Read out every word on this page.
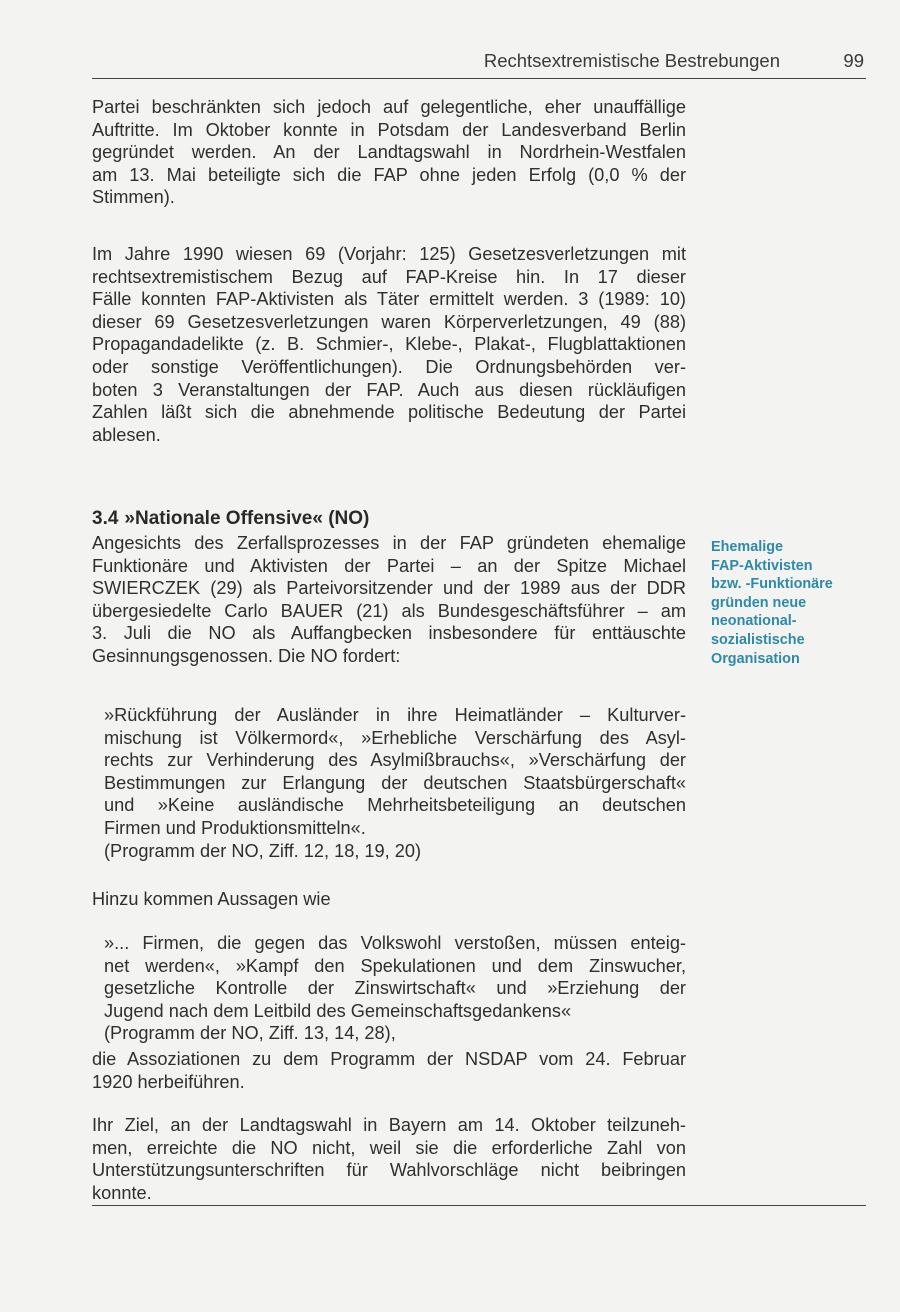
Rechtsextremistische Bestrebungen	99
Partei beschränkten sich jedoch auf gelegentliche, eher unauffällige
Auftritte. Im Oktober konnte in Potsdam der Landesverband Berlin
gegründet werden. An der Landtagswahl in Nordrhein-Westfalen
am 13. Mai beteiligte sich die FAP ohne jeden Erfolg (0,0 % der
Stimmen).
Im Jahre 1990 wiesen 69 (Vorjahr: 125) Gesetzesverletzungen mit
rechtsextremistischem Bezug auf FAP-Kreise hin. In 17 dieser
Fälle konnten FAP-Aktivisten als Täter ermittelt werden. 3 (1989: 10)
dieser 69 Gesetzesverletzungen waren Körperverletzungen, 49 (88)
Propagandadelikte (z. B. Schmier-, Klebe-, Plakat-, Flugblattaktionen
oder sonstige Veröffentlichungen). Die Ordnungsbehörden ver-
boten 3 Veranstaltungen der FAP. Auch aus diesen rückläufigen
Zahlen läßt sich die abnehmende politische Bedeutung der Partei
ablesen.
3.4 »Nationale Offensive« (NO)
Angesichts des Zerfallsprozesses in der FAP gründeten ehemalige
Funktionäre und Aktivisten der Partei – an der Spitze Michael
SWIERCZEK (29) als Parteivorsitzender und der 1989 aus der DDR
übergesiedelte Carlo BAUER (21) als Bundesgeschäftsführer – am
3. Juli die NO als Auffangbecken insbesondere für enttäuschte
Gesinnungsgenossen. Die NO fordert:
Ehemalige
FAP-Aktivisten
bzw. -Funktionäre
gründen neue
neonational-
sozialistische
Organisation
»Rückführung der Ausländer in ihre Heimatländer – Kulturver-
mischung ist Völkermord«, »Erhebliche Verschärfung des Asyl-
rechts zur Verhinderung des Asylmißbrauchs«, »Verschärfung der
Bestimmungen zur Erlangung der deutschen Staatsbürgerschaft«
und »Keine ausländische Mehrheitsbeteiligung an deutschen
Firmen und Produktionsmitteln«.
(Programm der NO, Ziff. 12, 18, 19, 20)
Hinzu kommen Aussagen wie
»... Firmen, die gegen das Volkswohl verstoßen, müssen enteig-
net werden«, »Kampf den Spekulationen und dem Zinswucher,
gesetzliche Kontrolle der Zinswirtschaft« und »Erziehung der
Jugend nach dem Leitbild des Gemeinschaftsgedankens«
(Programm der NO, Ziff. 13, 14, 28),
die Assoziationen zu dem Programm der NSDAP vom 24. Februar
1920 herbeiführen.
Ihr Ziel, an der Landtagswahl in Bayern am 14. Oktober teilzuneh-
men, erreichte die NO nicht, weil sie die erforderliche Zahl von
Unterstützungsunterschriften für Wahlvorschläge nicht beibringen
konnte.
